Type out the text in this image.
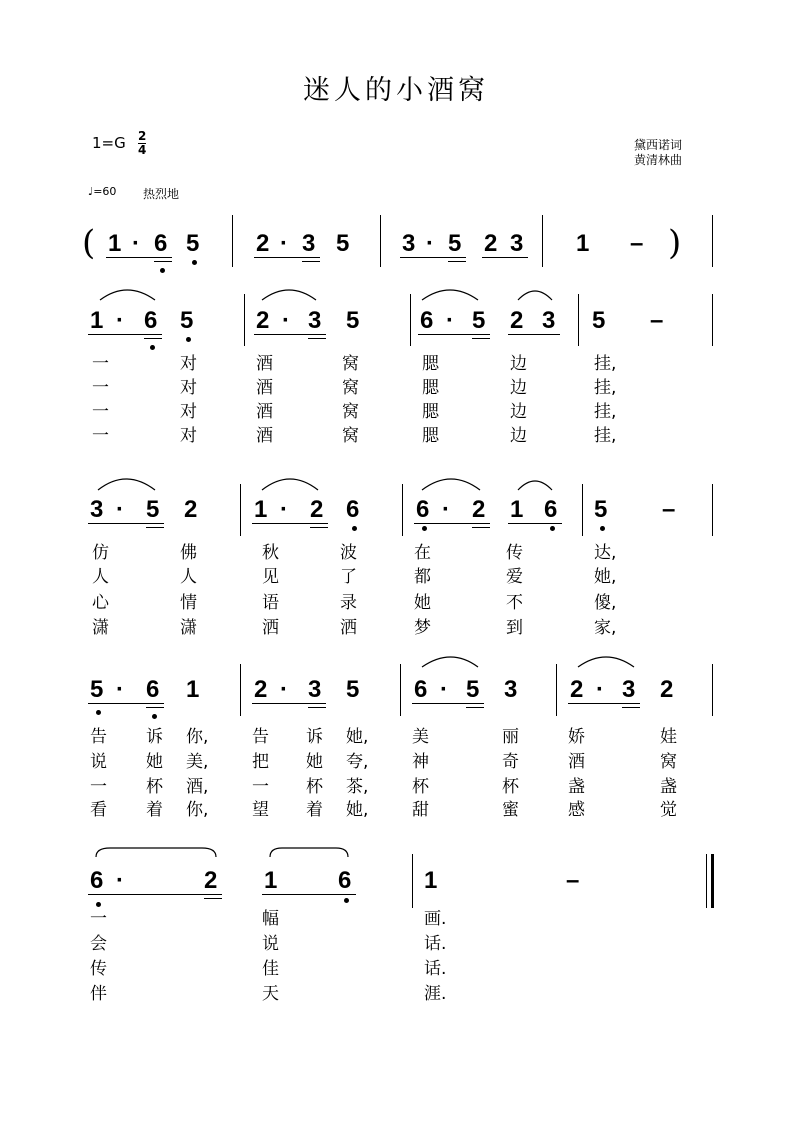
迷人的小酒窝
$1=G \frac{2}{4}$	黛西诺词
黄清林曲
♩=60 热烈地
( 1 · 6 5 2 · 3 5 3 · 5 2 3 1 – )
1 · 6 5	2 · 3 5	6 · 5 2 3 5 –
一	对	酒	窝	腮	边	挂,
一	对	酒	窝	腮	边	挂,
一	对	酒	窝	腮	边	挂,
一	对	酒	窝	腮	边	挂,
3 · 5 2 1 · 2 6 6 · 2 1 6 5 –
仿	佛	秋	波	在	传	达,
人	人	见	了	都	爱	她,
心	情	语	录	她	不	傻,
潇	潇	洒	洒	梦	到	家,
5 · 6 1 2 · 3 5 6 · 5 3 2 · 3 2
告 诉 你,	告 诉 她,	美	丽	娇	娃
说 她 美,	把 她 夸,	神	奇	酒	窝
一 杯 酒,	一 杯 茶,	杯	杯	盏	盏
看 着 你,	望 着 她,	甜	蜜	感	觉
6 ·	2 1	6	1	–
一	幅	画.
会	说	话.
传	佳	话.
伴	天	涯.
